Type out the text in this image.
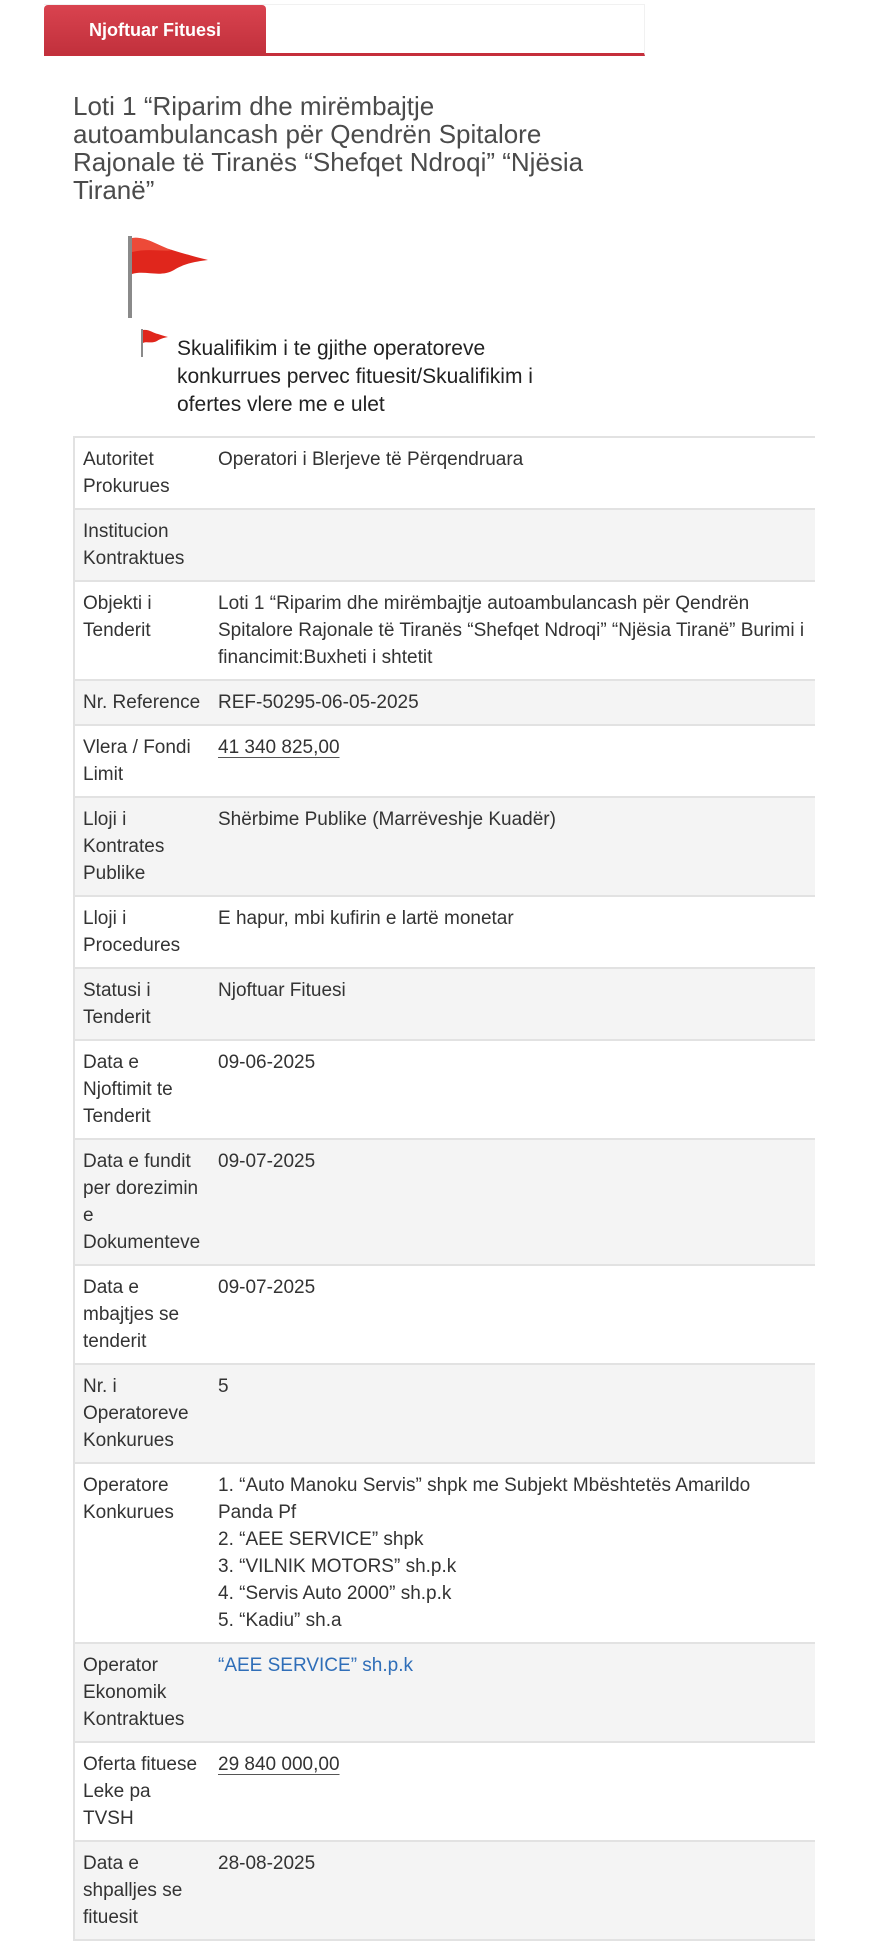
Njoftuar Fituesi
Loti 1 “Riparim dhe mirëmbajtje autoambulancash për Qendrën Spitalore Rajonale të Tiranës “Shefqet Ndroqi” “Njësia Tiranë”
Skualifikim i te gjithe operatoreve konkurrues pervec fituesit/Skualifikim i ofertes vlere me e ulet
Autoritet Prokurues	Operatori i Blerjeve të Përqendruara
Institucion Kontraktues	
Objekti i Tenderit	Loti 1 “Riparim dhe mirëmbajtje autoambulancash për Qendrën Spitalore Rajonale të Tiranës “Shefqet Ndroqi” “Njësia Tiranë” Burimi i financimit:Buxheti i shtetit
Nr. Reference	REF-50295-06-05-2025
Vlera / Fondi Limit	41 340 825,00
Lloji i Kontrates Publike	Shërbime Publike (Marrëveshje Kuadër)
Lloji i Procedures	E hapur, mbi kufirin e lartë monetar
Statusi i Tenderit	Njoftuar Fituesi
Data e Njoftimit te Tenderit	09-06-2025
Data e fundit per dorezimin e Dokumenteve	09-07-2025
Data e mbajtjes se tenderit	09-07-2025
Nr. i Operatoreve Konkurues	5
Operatore Konkurues	1. “Auto Manoku Servis” shpk me Subjekt Mbështetës Amarildo Panda Pf
2. “AEE SERVICE” shpk
3. “VILNIK MOTORS” sh.p.k
4. “Servis Auto 2000” sh.p.k
5. “Kadiu” sh.a

Operator Ekonomik Kontraktues	“AEE SERVICE” sh.p.k
Oferta fituese Leke pa TVSH	29 840 000,00
Data e shpalljes se fituesit	28-08-2025
